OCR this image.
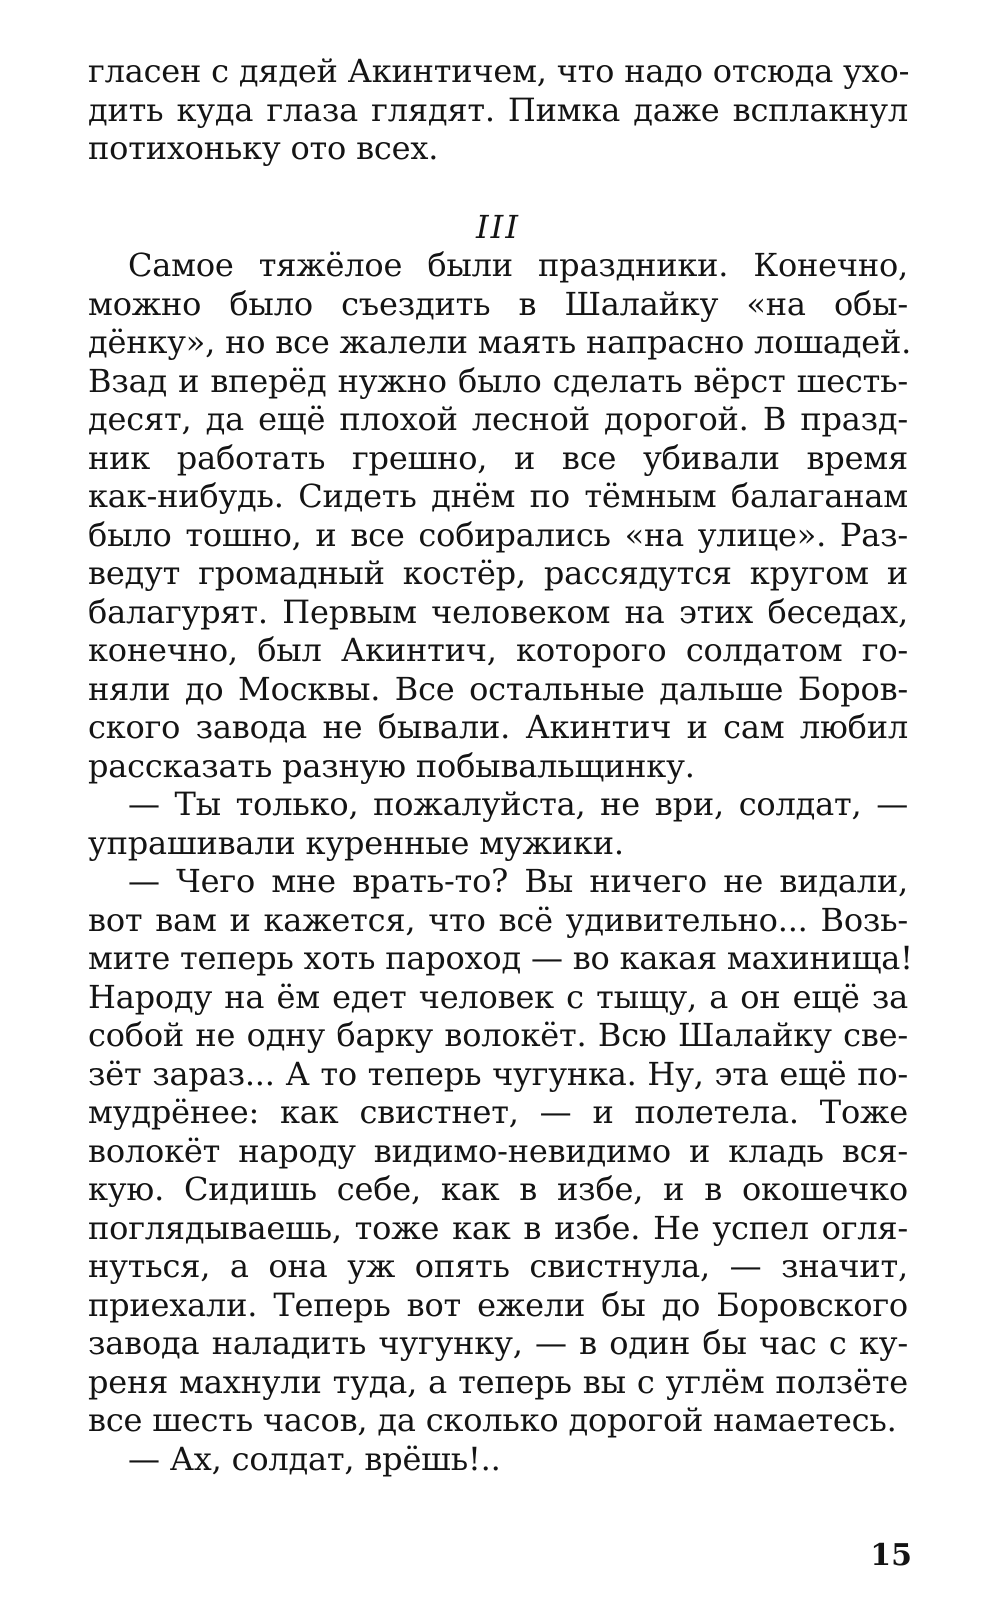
гласен с дядей Акинтичем, что надо отсюда ухо-
дить куда глаза глядят. Пимка даже всплакнул
потихоньку ото всех.
III
Самое тяжёлое были праздники. Конечно,
можно было съездить в Шалайку «на обы-
дёнку», но все жалели маять напрасно лошадей.
Взад и вперёд нужно было сделать вёрст шесть-
десят, да ещё плохой лесной дорогой. В празд-
ник работать грешно, и все убивали время
как-нибудь. Сидеть днём по тёмным балаганам
было тошно, и все собирались «на улице». Раз-
ведут громадный костёр, рассядутся кругом и
балагурят. Первым человеком на этих беседах,
конечно, был Акинтич, которого солдатом го-
няли до Москвы. Все остальные дальше Боров-
ского завода не бывали. Акинтич и сам любил
рассказать разную побывальщинку.
— Ты только, пожалуйста, не ври, солдат, —
упрашивали куренные мужики.
— Чего мне врать-то? Вы ничего не видали,
вот вам и кажется, что всё удивительно... Возь-
мите теперь хоть пароход — во какая махинища!
Народу на ём едет человек с тыщу, а он ещё за
собой не одну барку волокёт. Всю Шалайку све-
зёт зараз... А то теперь чугунка. Ну, эта ещё по-
мудрёнее: как свистнет, — и полетела. Тоже
волокёт народу видимо-невидимо и кладь вся-
кую. Сидишь себе, как в избе, и в окошечко
поглядываешь, тоже как в избе. Не успел огля-
нуться, а она уж опять свистнула, — значит,
приехали. Теперь вот ежели бы до Боровского
завода наладить чугунку, — в один бы час с ку-
реня махнули туда, а теперь вы с углём ползёте
все шесть часов, да сколько дорогой намаетесь.
— Ах, солдат, врёшь!..
15
